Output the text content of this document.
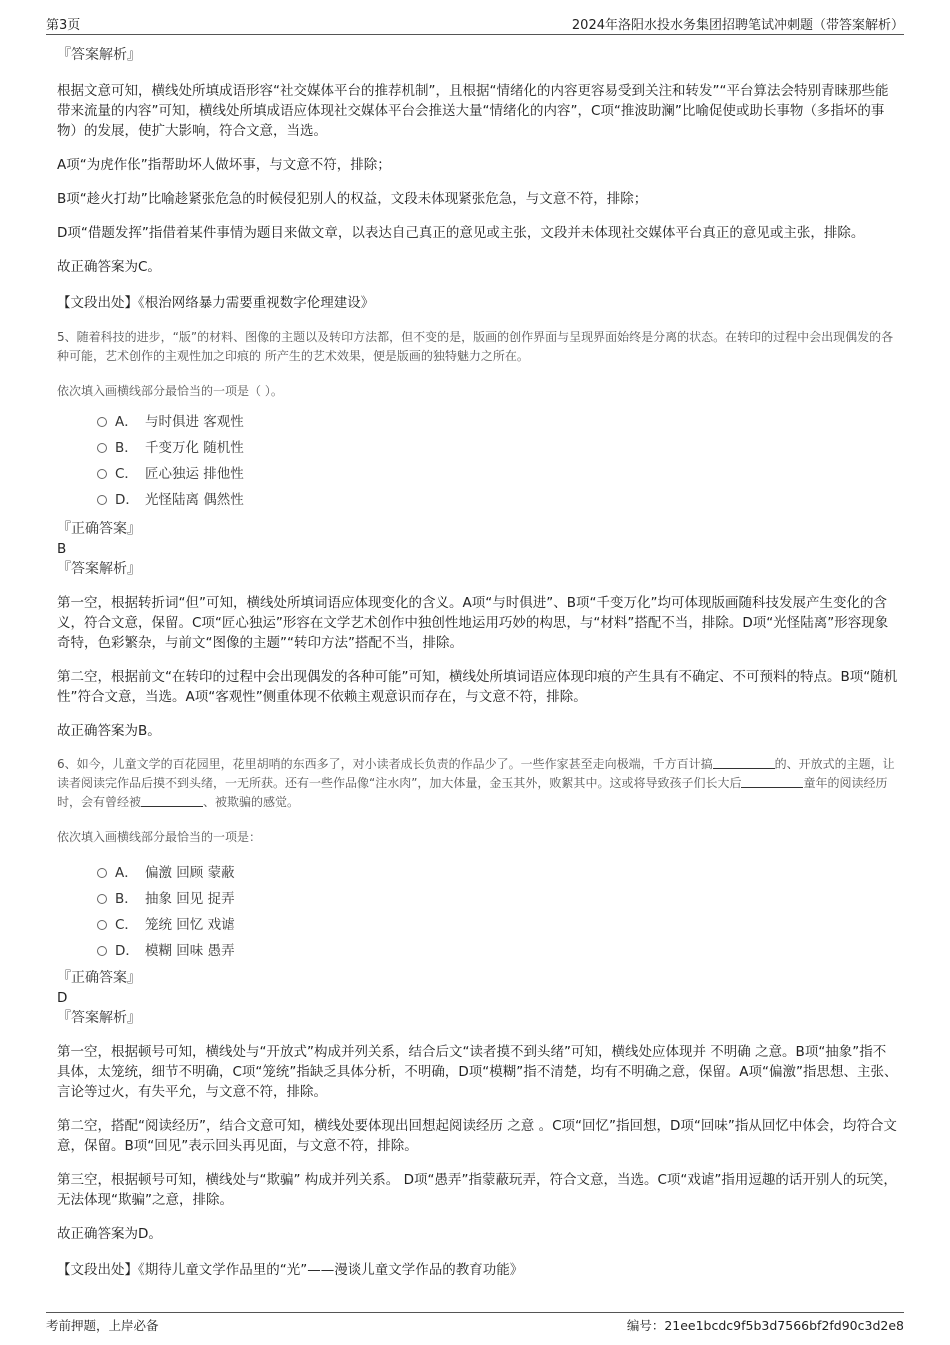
第3页	2024年洛阳水投水务集团招聘笔试冲刺题（带答案解析）

『答案解析』

根据文意可知，横线处所填成语形容“社交媒体平台的推荐机制”，且根据“情绪化的内容更容易受到关注和转发”“平台算法会特别青睐那些能带来流量的内容”可知，横线处所填成语应体现社交媒体平台会推送大量“情绪化的内容”，C项“推波助澜”比喻促使或助长事物（多指坏的事物）的发展，使扩大影响，符合文意，当选。

A项“为虎作伥”指帮助坏人做坏事，与文意不符，排除；

B项“趁火打劫”比喻趁紧张危急的时候侵犯别人的权益，文段未体现紧张危急，与文意不符，排除；

D项“借题发挥”指借着某件事情为题目来做文章，以表达自己真正的意见或主张，文段并未体现社交媒体平台真正的意见或主张，排除。

故正确答案为C。

【文段出处】《根治网络暴力需要重视数字伦理建设》

5、随着科技的进步，“版”的材料、图像的主题以及转印方法都，但不变的是，版画的创作界面与呈现界面始终是分离的状态。在转印的过程中会出现偶发的各种可能，艺术创作的主观性加之印痕的 所产生的艺术效果，便是版画的独特魅力之所在。

依次填入画横线部分最恰当的一项是（ ）。

A． 与时俱进 客观性
B． 千变万化 随机性
C． 匠心独运 排他性
D． 光怪陆离 偶然性

『正确答案』

B

『答案解析』

第一空，根据转折词“但”可知，横线处所填词语应体现变化的含义。A项“与时俱进”、B项“千变万化”均可体现版画随科技发展产生变化的含义，符合文意，保留。C项“匠心独运”形容在文学艺术创作中独创性地运用巧妙的构思，与“材料”搭配不当，排除。D项“光怪陆离”形容现象奇特，色彩繁杂，与前文“图像的主题”“转印方法”搭配不当，排除。

第二空，根据前文“在转印的过程中会出现偶发的各种可能”可知，横线处所填词语应体现印痕的产生具有不确定、不可预料的特点。B项“随机性”符合文意，当选。A项“客观性”侧重体现不依赖主观意识而存在，与文意不符，排除。

故正确答案为B。

6、如今，儿童文学的百花园里，花里胡哨的东西多了，对小读者成长负责的作品少了。一些作家甚至走向极端，千方百计搞	的、开放式的主题，让读者阅读完作品后摸不到头绪，一无所获。还有一些作品像“注水肉”，加大体量，金玉其外，败絮其中。这或将导致孩子们长大后	童年的阅读经历时，会有曾经被	、被欺骗的感觉。

依次填入画横线部分最恰当的一项是：

A． 偏激 回顾 蒙蔽
B． 抽象 回见 捉弄
C． 笼统 回忆 戏谑
D． 模糊 回味 愚弄

『正确答案』

D

『答案解析』

第一空，根据顿号可知，横线处与“开放式”构成并列关系，结合后文“读者摸不到头绪”可知，横线处应体现并 不明确 之意。B项“抽象”指不具体，太笼统，细节不明确，C项“笼统”指缺乏具体分析，不明确，D项“模糊”指不清楚，均有不明确之意，保留。A项“偏激”指思想、主张、言论等过火，有失平允，与文意不符，排除。

第二空，搭配“阅读经历”，结合文意可知，横线处要体现出回想起阅读经历 之意 。C项“回忆”指回想，D项“回味”指从回忆中体会，均符合文意，保留。B项“回见”表示回头再见面，与文意不符，排除。

第三空，根据顿号可知，横线处与“欺骗” 构成并列关系。 D项“愚弄”指蒙蔽玩弄，符合文意，当选。C项“戏谑”指用逗趣的话开别人的玩笑，无法体现“欺骗”之意，排除。

故正确答案为D。

【文段出处】《期待儿童文学作品里的“光”——漫谈儿童文学作品的教育功能》

考前押题，上岸必备	编号：21ee1bcdc9f5b3d7566bf2fd90c3d2e8
